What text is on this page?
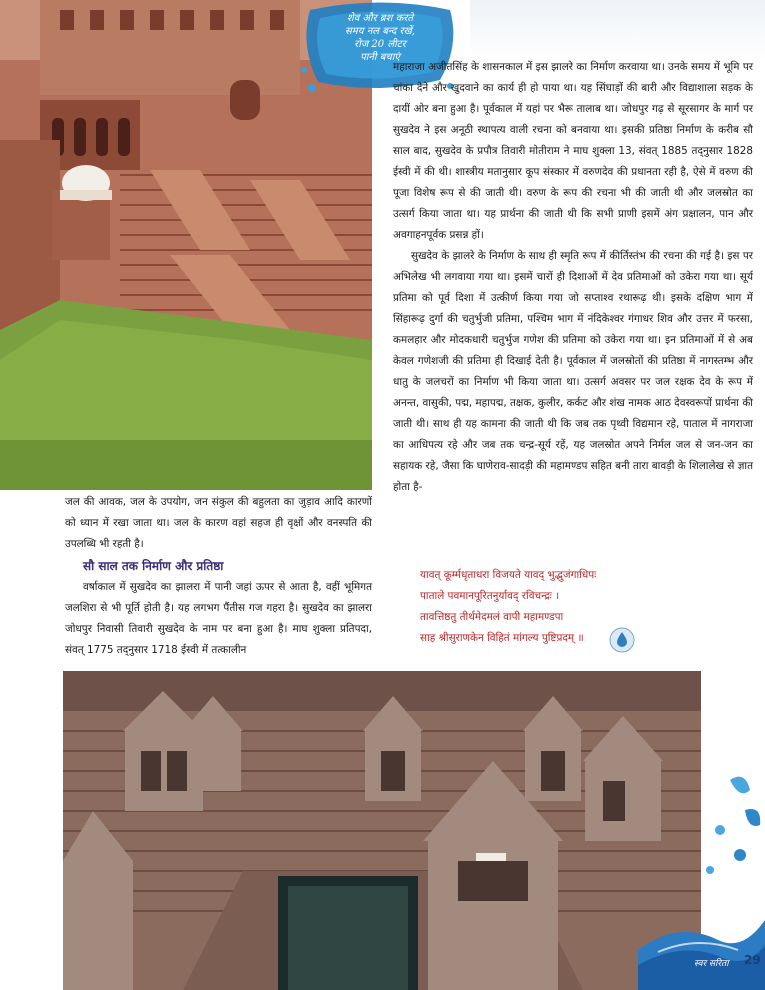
शेव और ब्रश करते
समय नल बन्द रखें,
रोज 20 लीटर
पानी बचाएं

महाराजा अजीतसिंह के शासनकाल में इस झालरे का निर्माण करवाया था। उनके समय में भूमि पर चांका देने और खुदवाने का कार्य ही हो पाया था। यह सिंघाड़ों की बारी और विद्याशाला सड़क के दायीं ओर बना हुआ है। पूर्वकाल में यहां पर भैरू तालाब था। जोधपुर गढ़ से सूरसागर के मार्ग पर सुखदेव ने इस अनूठी स्थापत्य वाली रचना को बनवाया था। इसकी प्रतिष्ठा निर्माण के करीब सौ साल बाद, सुखदेव के प्रपौत्र तिवारी मोतीराम ने माघ शुक्ला 13, संवत् 1885 तद्नुसार 1828 ईस्वी में की थी। शास्त्रीय मतानुसार कूप संस्कार में वरुणदेव की प्रधानता रही है, ऐसे में वरुण की पूजा विशेष रूप से की जाती थी। वरुण के रूप की रचना भी की जाती थी और जलस्रोत का उत्सर्ग किया जाता था। यह प्रार्थना की जाती थी कि सभी प्राणी इसमें अंग प्रक्षालन, पान और अवगाहनपूर्वक प्रसन्न हों।

सुखदेव के झालरे के निर्माण के साथ ही स्मृति रूप में कीर्तिस्तंभ की रचना की गई है। इस पर अभिलेख भी लगवाया गया था। इसमें चारों ही दिशाओं में देव प्रतिमाओं को उकेरा गया था। सूर्य प्रतिमा को पूर्व दिशा में उत्कीर्ण किया गया जो सप्ताश्व रथारूढ़ थी। इसके दक्षिण भाग में सिंहारूढ़ दुर्गा की चतुर्भुजी प्रतिमा, पश्चिम भाग में नंदिकेश्वर गंगाधर शिव और उत्तर में फरसा, कमलहार और मोदकधारी चतुर्भुज गणेश की प्रतिमा को उकेरा गया था। इन प्रतिमाओं में से अब केवल गणेशजी की प्रतिमा ही दिखाई देती है। पूर्वकाल में जलस्रोतों की प्रतिष्ठा में नागस्तम्भ और धातु के जलचरों का निर्माण भी किया जाता था। उत्सर्ग अवसर पर जल रक्षक देव के रूप में अनन्त, वासुकी, पद्म, महापद्म, तक्षक, कुलीर, कर्कट और शंख नामक आठ देवस्वरूपों प्रार्थना की जाती थी। साथ ही यह कामना की जाती थी कि जब तक पृथ्वी विद्यमान रहे, पाताल में नागराजा का आधिपत्य रहे और जब तक चन्द्र-सूर्य रहें, यह जलस्रोत अपने निर्मल जल से जन-जन का सहायक रहे, जैसा कि घाणेराव-सादड़ी की महामण्डप सहित बनी तारा बावड़ी के शिलालेख से ज्ञात होता है-

यावत् कूर्म्मधृताधरा विजयते यावद् भुद्भुजंगाधिपः
पाताले पवमानपूरितनुर्यावद् रविचन्द्रः ।
तावत्तिष्ठतु तीर्थमेदमलं वापी महामण्डपा
साह श्रीसुराणकेन विहितं मांगल्य पुष्टिप्रदम् ॥

जल की आवक, जल के उपयोग, जन संकुल की बहुलता का जुड़ाव आदि कारणों को ध्यान में रखा जाता था। जल के कारण वहां सहज ही वृक्षों और वनस्पति की उपलब्धि भी रहती है।

सौ साल तक निर्माण और प्रतिष्ठा

वर्षाकाल में सुखदेव का झालरा में पानी जहां ऊपर से आता है, वहीं भूमिगत जलशिरा से भी पूर्ति होती है। यह लगभग पैंतीस गज गहरा है। सुखदेव का झालरा जोधपुर निवासी तिवारी सुखदेव के नाम पर बना हुआ है। माघ शुक्ला प्रतिपदा, संवत् 1775 तद्नुसार 1718 ईस्वी में तत्कालीन

स्वर सरिता 29
